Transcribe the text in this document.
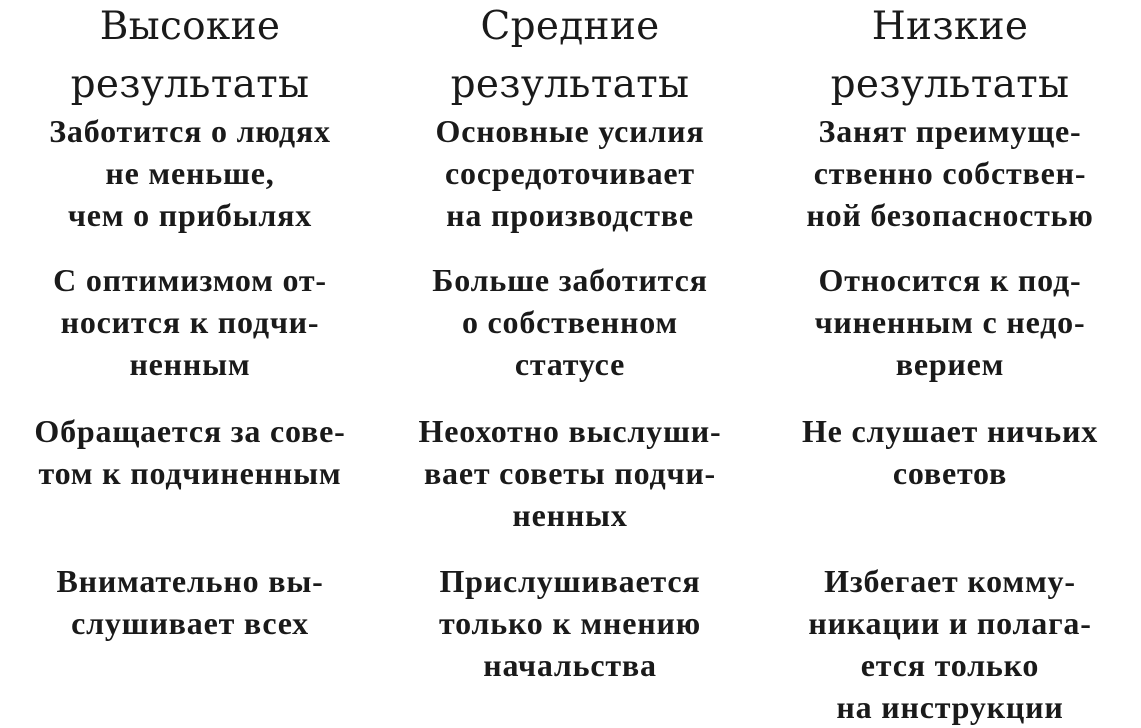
Высокие
результаты
Заботится о людях
не меньше,
чем о прибылях
С оптимизмом от-
носится к подчи-
ненным
Обращается за сове-
том к подчиненным
Внимательно вы-
слушивает всех
Средние
результаты
Основные усилия
сосредоточивает
на производстве
Больше заботится
о собственном
статусе
Неохотно выслуши-
вает советы подчи-
ненных
Прислушивается
только к мнению
начальства
Низкие
результаты
Занят преимуще-
ственно собствен-
ной безопасностью
Относится к под-
чиненным с недо-
верием
Не слушает ничьих
советов
Избегает комму-
никации и полага-
ется только
на инструкции
